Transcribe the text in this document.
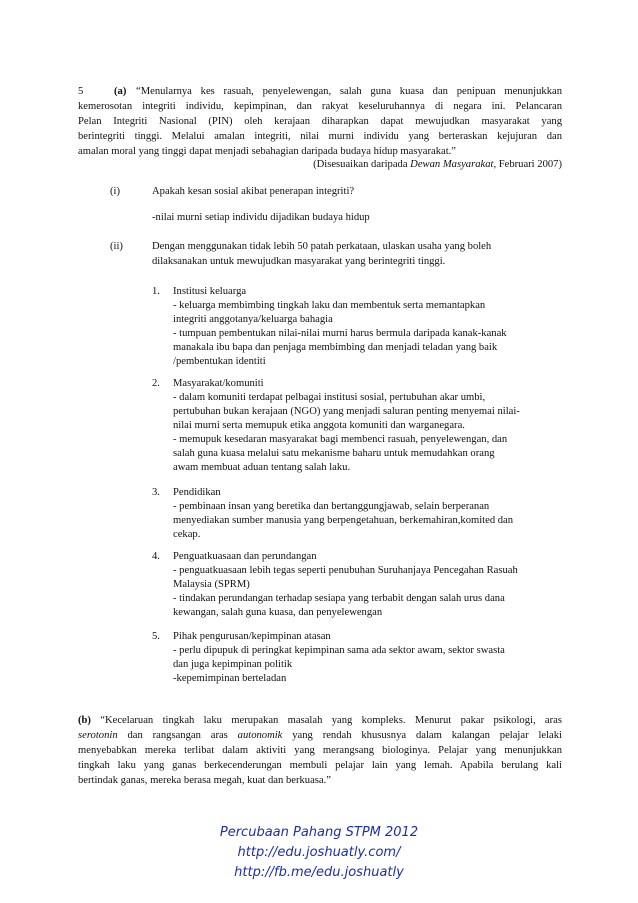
5	(a) “Menularnya kes rasuah, penyelewengan, salah guna kuasa dan penipuan menunjukkan
kemerosotan integriti individu, kepimpinan, dan rakyat keseluruhannya di negara ini. Pelancaran
Pelan Integriti Nasional (PIN) oleh kerajaan diharapkan dapat mewujudkan masyarakat yang
berintegriti tinggi. Melalui amalan integriti, nilai murni individu yang berteraskan kejujuran dan
amalan moral yang tinggi dapat menjadi sebahagian daripada budaya hidup masyarakat.”
(Disesuaikan daripada Dewan Masyarakat, Februari 2007)
(i)	Apakah kesan sosial akibat penerapan integriti?
-nilai murni setiap individu dijadikan budaya hidup
(ii)	Dengan menggunakan tidak lebih 50 patah perkataan, ulaskan usaha yang boleh
dilaksanakan untuk mewujudkan masyarakat yang berintegriti tinggi.
1. Institusi keluarga
- keluarga membimbing tingkah laku dan membentuk serta memantapkan
integriti anggotanya/keluarga bahagia
- tumpuan pembentukan nilai-nilai murni harus bermula daripada kanak-kanak
manakala ibu bapa dan penjaga membimbing dan menjadi teladan yang baik
/pembentukan identiti
2. Masyarakat/komuniti
- dalam komuniti terdapat pelbagai institusi sosial, pertubuhan akar umbi,
pertubuhan bukan kerajaan (NGO) yang menjadi saluran penting menyemai nilai-
nilai murni serta memupuk etika anggota komuniti dan warganegara.
- memupuk kesedaran masyarakat bagi membenci rasuah, penyelewengan, dan
salah guna kuasa melalui satu mekanisme baharu untuk memudahkan orang
awam membuat aduan tentang salah laku.
3. Pendidikan
- pembinaan insan yang beretika dan bertanggungjawab, selain berperanan
menyediakan sumber manusia yang berpengetahuan, berkemahiran,komited dan
cekap.
4. Penguatkuasaan dan perundangan
- penguatkuasaan lebih tegas seperti penubuhan Suruhanjaya Pencegahan Rasuah
Malaysia (SPRM)
- tindakan perundangan terhadap sesiapa yang terbabit dengan salah urus dana
kewangan, salah guna kuasa, dan penyelewengan
5. Pihak pengurusan/kepimpinan atasan
- perlu dipupuk di peringkat kepimpinan sama ada sektor awam, sektor swasta
dan juga kepimpinan politik
-kepemimpinan berteladan
(b) “Kecelaruan tingkah laku merupakan masalah yang kompleks. Menurut pakar psikologi, aras
serotonin dan rangsangan aras autonomik yang rendah khususnya dalam kalangan pelajar lelaki
menyebabkan mereka terlibat dalam aktiviti yang merangsang biologinya. Pelajar yang menunjukkan
tingkah laku yang ganas berkecenderungan membuli pelajar lain yang lemah. Apabila berulang kali
bertindak ganas, mereka berasa megah, kuat dan berkuasa.”
Percubaan Pahang STPM 2012
http://edu.joshuatly.com/
http://fb.me/edu.joshuatly
